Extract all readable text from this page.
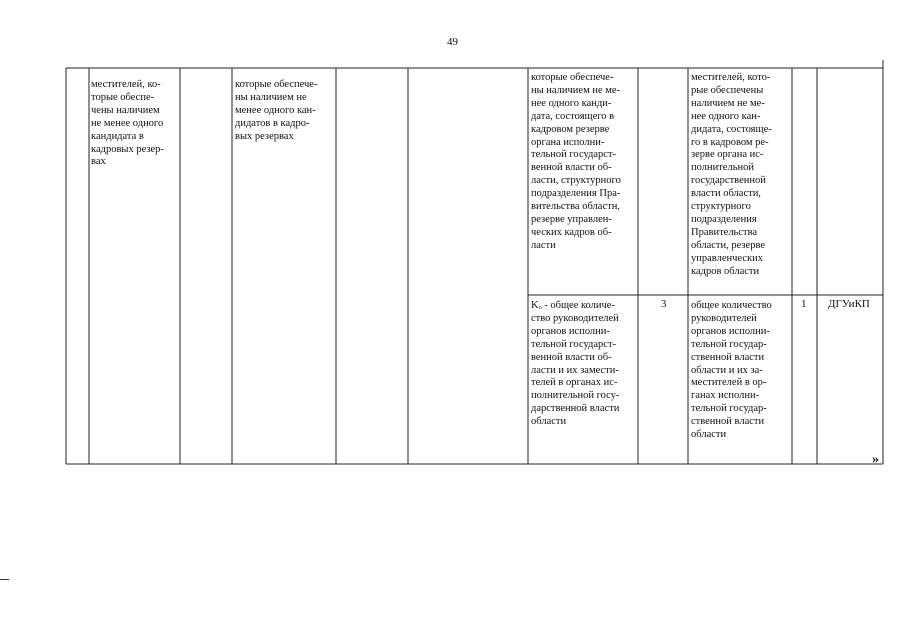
49
местителей, ко-
торые обеспе-
чены наличием
не менее одного
кандидата в
кадровых резер-
вах
которые обеспече-
ны наличием не
менее одного кан-
дидатов в кадро-
вых резервах
которые обеспече-
ны наличием не ме-
нее одного канди-
дата, состоящего в
кадровом резерве
органа исполни-
тельной государст-
венной власти об-
ласти, структурного
подразделения Пра-
вительства областн,
резерве управлен-
ческих кадров об-
ласти
местителей, кото-
рые обеспечены
наличием не ме-
нее одного кан-
дидата, состояще-
го в кадровом ре-
зерве органа ис-
полнительной
государственной
власти области,
структурного
подразделения
Правительства
области, резерве
управленческих
кадров области
Kₒ - общее количе-
ство руководителей
органов исполни-
тельной государст-
венной власти об-
ласти и их замести-
телей в органах ис-
полнительной госу-
дарственной власти
области
3 общее количество
руководителей
органов исполни-
тельной государ-
ственной власти
области и их за-
местителей в ор-
ганах исполни-
тельной государ-
ственной власти
области
1 ДГУиКП
»
